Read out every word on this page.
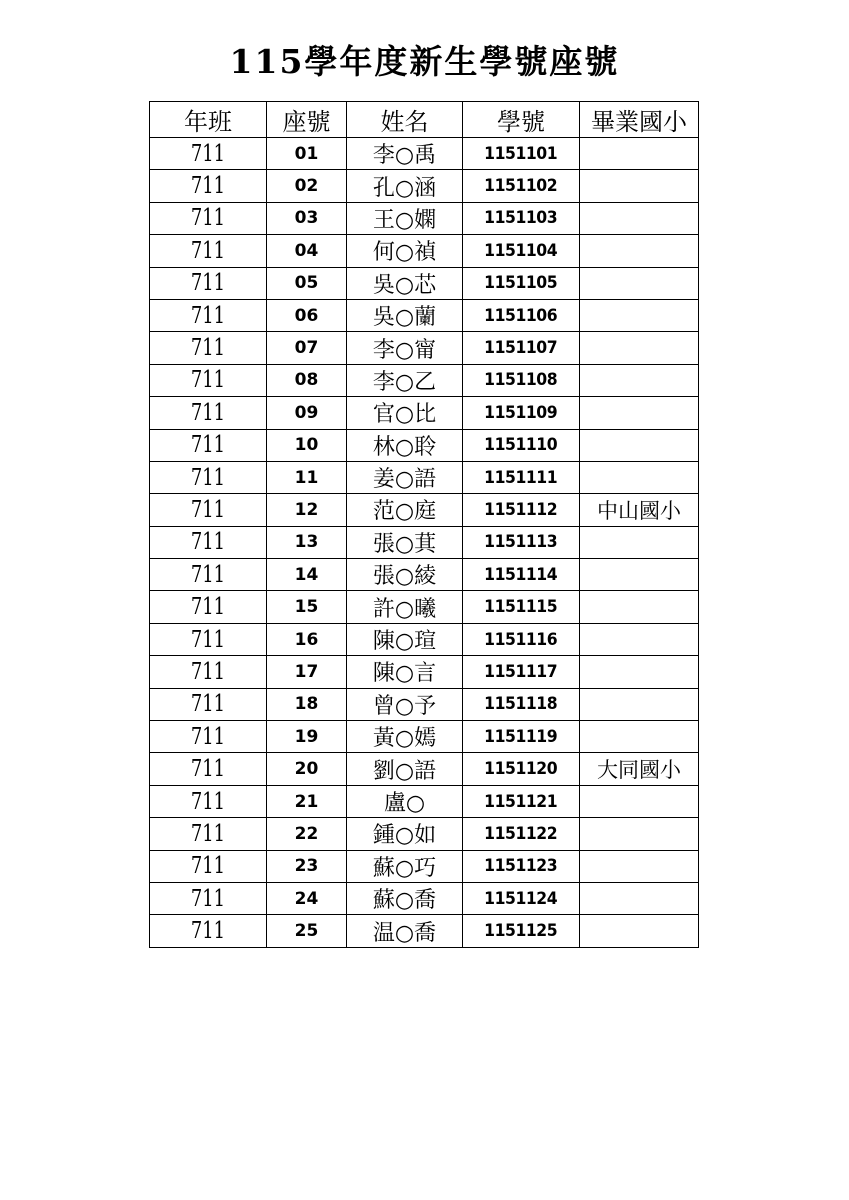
115學年度新生學號座號
年班	座號	姓名	學號	畢業國小
711	01	李○禹	1151101	
711	02	孔○涵	1151102	
711	03	王○嫻	1151103	
711	04	何○禎	1151104	
711	05	吳○芯	1151105	
711	06	吳○蘭	1151106	
711	07	李○甯	1151107	
711	08	李○乙	1151108	
711	09	官○比	1151109	
711	10	林○聆	1151110	
711	11	姜○語	1151111	
711	12	范○庭	1151112	中山國小
711	13	張○萁	1151113	
711	14	張○綾	1151114	
711	15	許○曦	1151115	
711	16	陳○瑄	1151116	
711	17	陳○言	1151117	
711	18	曾○予	1151118	
711	19	黃○嫣	1151119	
711	20	劉○語	1151120	大同國小
711	21	盧○	1151121	
711	22	鍾○如	1151122	
711	23	蘇○巧	1151123	
711	24	蘇○喬	1151124	
711	25	温○喬	1151125	
